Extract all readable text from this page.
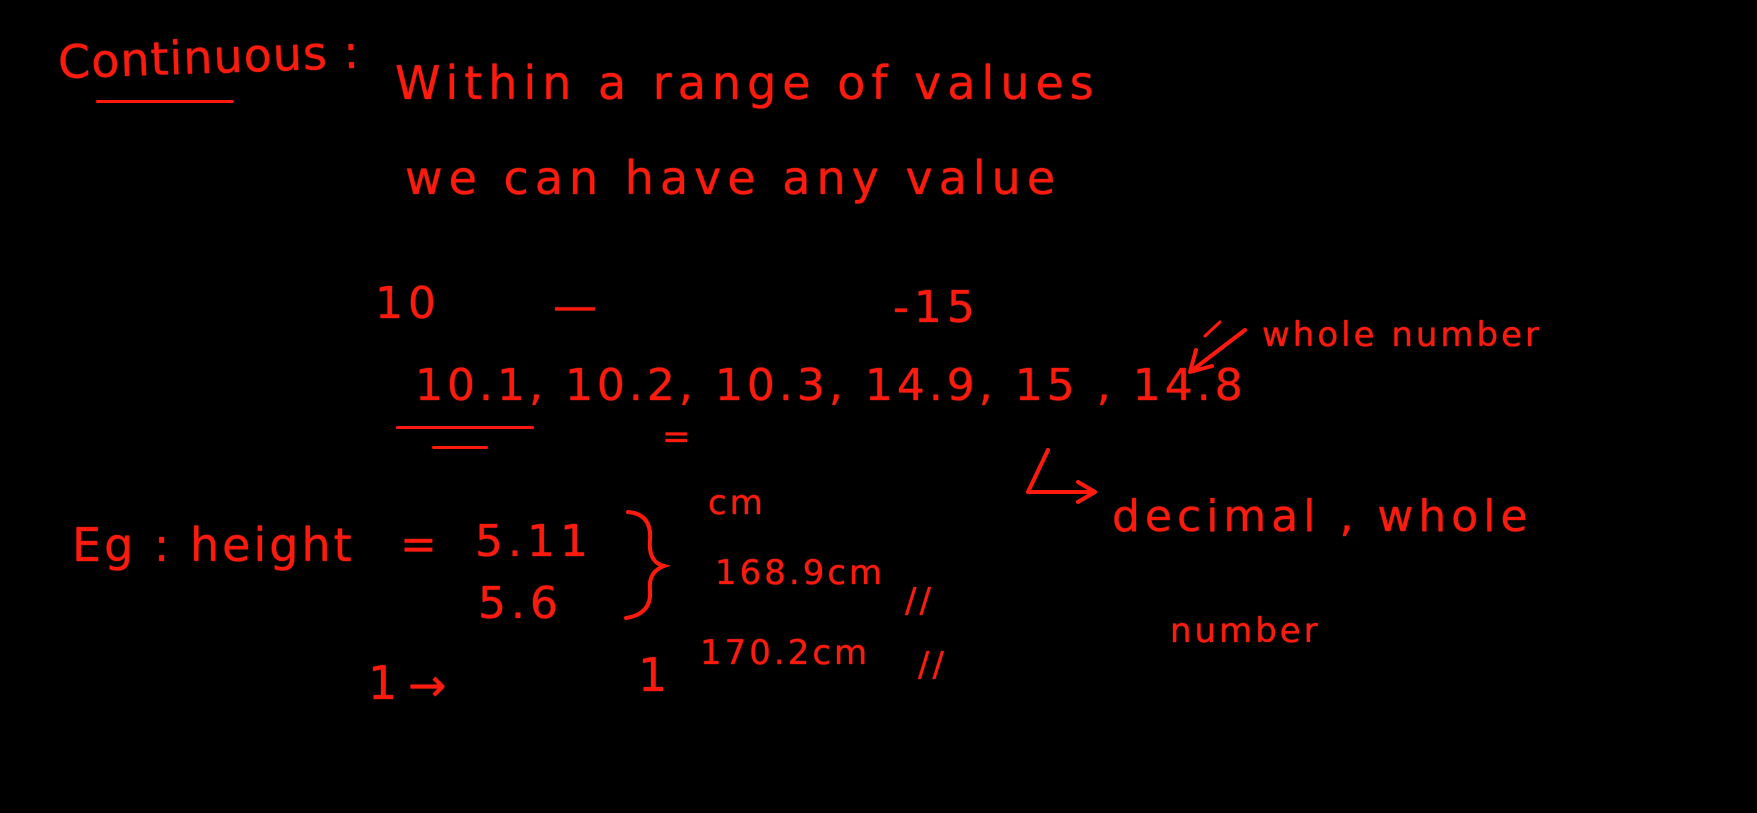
Continuous : Within a range of values
we can have any value
10	—	-15
10.1, 10.2, 10.3, 14.9, 15 , 14.8
=
whole number
decimal , whole
number
Eg : height = 5.11
5.6
cm
168.9cm
//
170.2cm //
1 →	1
